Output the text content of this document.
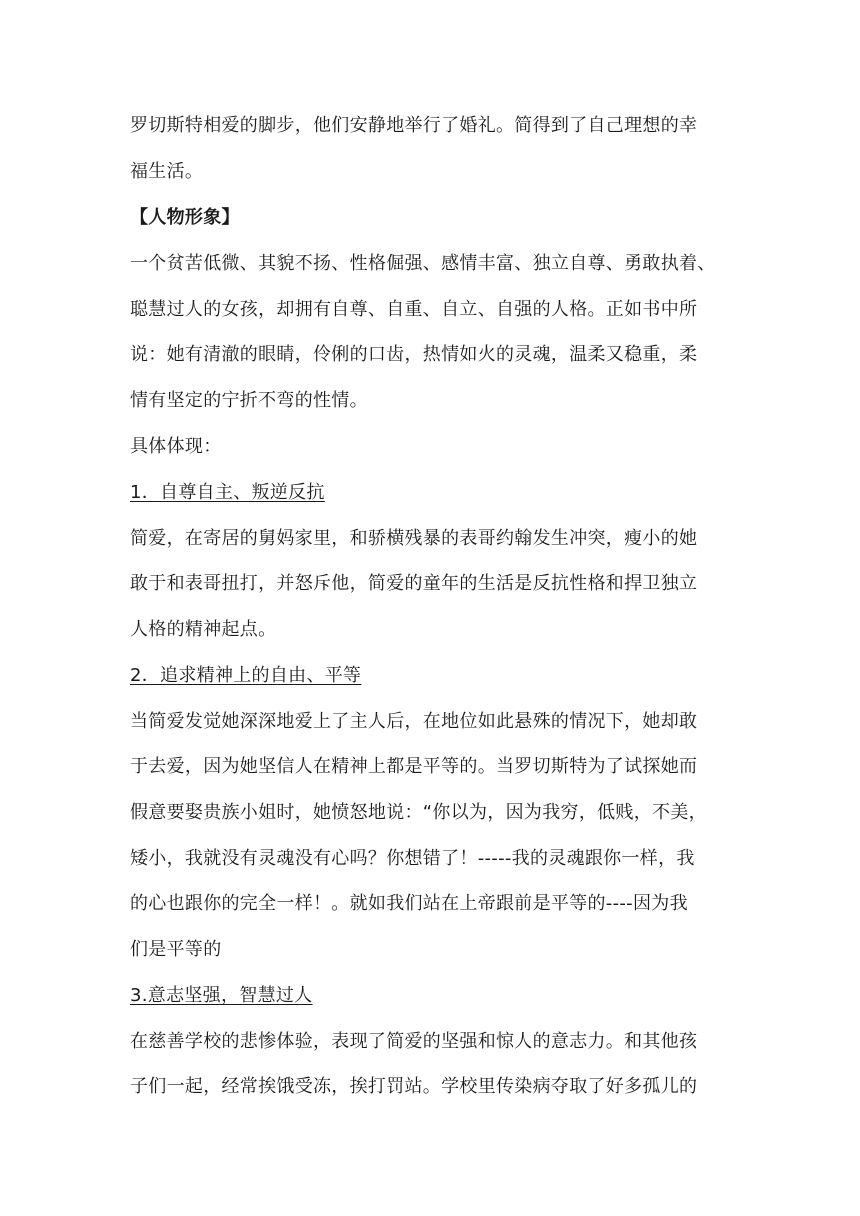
罗切斯特相爱的脚步，他们安静地举行了婚礼。简得到了自己理想的幸
福生活。
【人物形象】
一个贫苦低微、其貌不扬、性格倔强、感情丰富、独立自尊、勇敢执着、
聪慧过人的女孩，却拥有自尊、自重、自立、自强的人格。正如书中所
说：她有清澈的眼睛，伶俐的口齿，热情如火的灵魂，温柔又稳重，柔
情有坚定的宁折不弯的性情。
具体体现：
1．自尊自主、叛逆反抗
简爱，在寄居的舅妈家里，和骄横残暴的表哥约翰发生冲突，瘦小的她
敢于和表哥扭打，并怒斥他，简爱的童年的生活是反抗性格和捍卫独立
人格的精神起点。
2．追求精神上的自由、平等
当简爱发觉她深深地爱上了主人后，在地位如此悬殊的情况下，她却敢
于去爱，因为她坚信人在精神上都是平等的。当罗切斯特为了试探她而
假意要娶贵族小姐时，她愤怒地说：“你以为，因为我穷，低贱，不美，
矮小，我就没有灵魂没有心吗？你想错了！-----我的灵魂跟你一样，我
的心也跟你的完全一样！。就如我们站在上帝跟前是平等的----因为我
们是平等的
3.意志坚强，智慧过人
在慈善学校的悲惨体验，表现了简爱的坚强和惊人的意志力。和其他孩
子们一起，经常挨饿受冻，挨打罚站。学校里传染病夺取了好多孤儿的
